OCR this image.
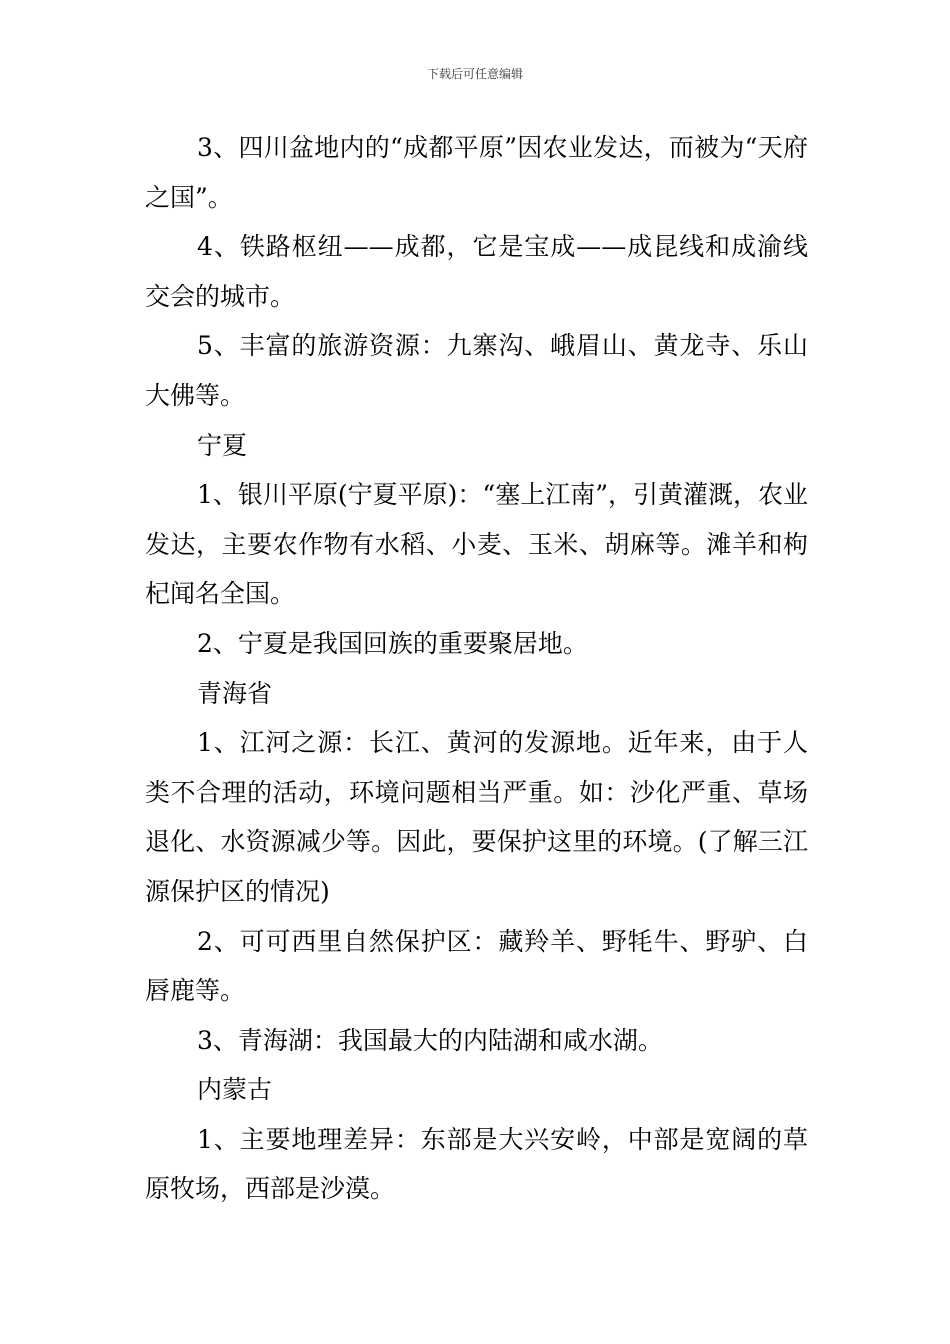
下载后可任意编辑

3、四川盆地内的“成都平原”因农业发达，而被为“天府之国”。

4、铁路枢纽——成都，它是宝成——成昆线和成渝线交会的城市。

5、丰富的旅游资源：九寨沟、峨眉山、黄龙寺、乐山大佛等。

宁夏

1、银川平原(宁夏平原)：“塞上江南”，引黄灌溉，农业发达，主要农作物有水稻、小麦、玉米、胡麻等。滩羊和枸杞闻名全国。

2、宁夏是我国回族的重要聚居地。

青海省

1、江河之源：长江、黄河的发源地。近年来，由于人类不合理的活动，环境问题相当严重。如：沙化严重、草场退化、水资源减少等。因此，要保护这里的环境。(了解三江源保护区的情况)

2、可可西里自然保护区：藏羚羊、野牦牛、野驴、白唇鹿等。

3、青海湖：我国最大的内陆湖和咸水湖。

内蒙古

1、主要地理差异：东部是大兴安岭，中部是宽阔的草原牧场，西部是沙漠。
